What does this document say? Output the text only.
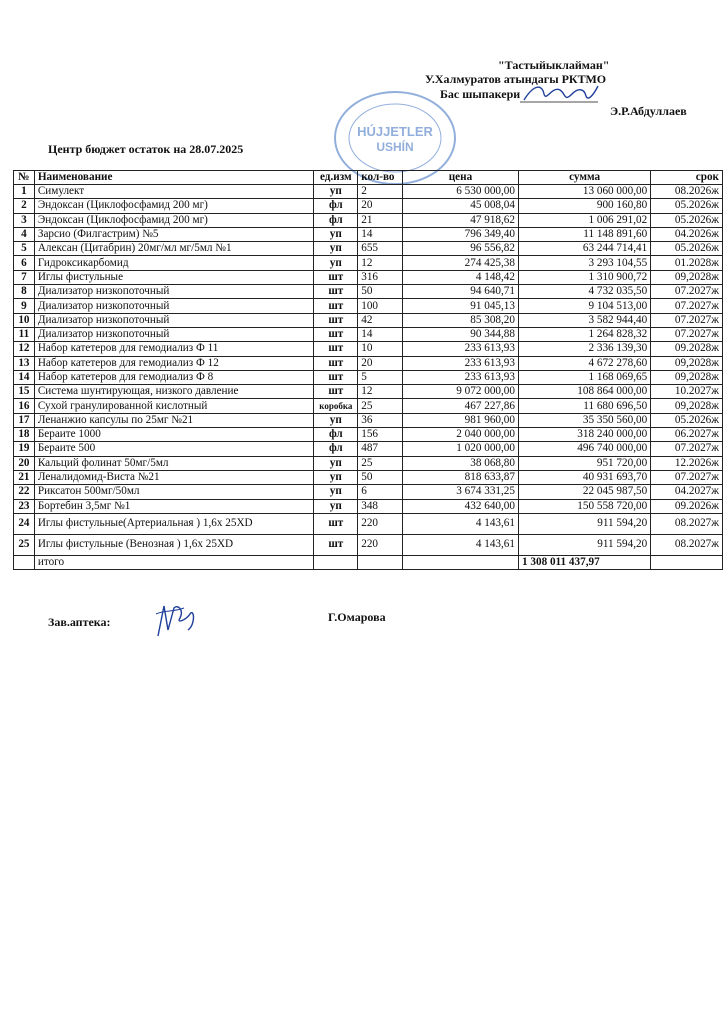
"Тастыйыклайман"
У.Халмуратов атындагы РКТМО
Бас шыпакери
Э.Р.Абдуллаев
HÚJJETLER
USHÍN
Центр бюджет остаток на 28.07.2025
№	Наименование	ед.изм	кол-во	цена	сумма	срок
1	Симулект	уп	2	6 530 000,00	13 060 000,00	08.2026ж
2	Эндоксан (Циклофосфамид 200 мг)	фл	20	45 008,04	900 160,80	05.2026ж
3	Эндоксан (Циклофосфамид 200 мг)	фл	21	47 918,62	1 006 291,02	05.2026ж
4	Зарсио (Филгастрим) №5	уп	14	796 349,40	11 148 891,60	04.2026ж
5	Алексан (Цитабрин) 20мг/мл мг/5мл №1	уп	655	96 556,82	63 244 714,41	05.2026ж
6	Гидроксикарбомид	уп	12	274 425,38	3 293 104,55	01.2028ж
7	Иглы фистульные	шт	316	4 148,42	1 310 900,72	09,2028ж
8	Диализатор низкопоточный	шт	50	94 640,71	4 732 035,50	07.2027ж
9	Диализатор низкопоточный	шт	100	91 045,13	9 104 513,00	07.2027ж
10	Диализатор низкопоточный	шт	42	85 308,20	3 582 944,40	07.2027ж
11	Диализатор низкопоточный	шт	14	90 344,88	1 264 828,32	07.2027ж
12	Набор катетеров для гемодиализ Ф 11	шт	10	233 613,93	2 336 139,30	09.2028ж
13	Набор катетеров для гемодиализ Ф 12	шт	20	233 613,93	4 672 278,60	09,2028ж
14	Набор катетеров для гемодиализ Ф 8	шт	5	233 613,93	1 168 069,65	09,2028ж
15	Система шунтирующая, низкого давление	шт	12	9 072 000,00	108 864 000,00	10.2027ж
16	Сухой гранулированной кислотный	коробка	25	467 227,86	11 680 696,50	09,2028ж
17	Ленанжио капсулы по 25мг №21	уп	36	981 960,00	35 350 560,00	05.2026ж
18	Бераите 1000	фл	156	2 040 000,00	318 240 000,00	06.2027ж
19	Бераите 500	фл	487	1 020 000,00	496 740 000,00	07.2027ж
20	Кальций фолинат 50мг/5мл	уп	25	38 068,80	951 720,00	12.2026ж
21	Леналидомид-Виста №21	уп	50	818 633,87	40 931 693,70	07.2027ж
22	Риксатон 500мг/50мл	уп	6	3 674 331,25	22 045 987,50	04.2027ж
23	Бортебин 3,5мг №1	уп	348	432 640,00	150 558 720,00	09.2026ж
24	Иглы фистульные(Артериальная ) 1,6х 25XD	шт	220	4 143,61	911 594,20	08.2027ж
25	Иглы фистульные (Венозная ) 1,6х 25XD	шт	220	4 143,61	911 594,20	08.2027ж
	итого				1 308 011 437,97	
Зав.аптека:	Г.Омарова
